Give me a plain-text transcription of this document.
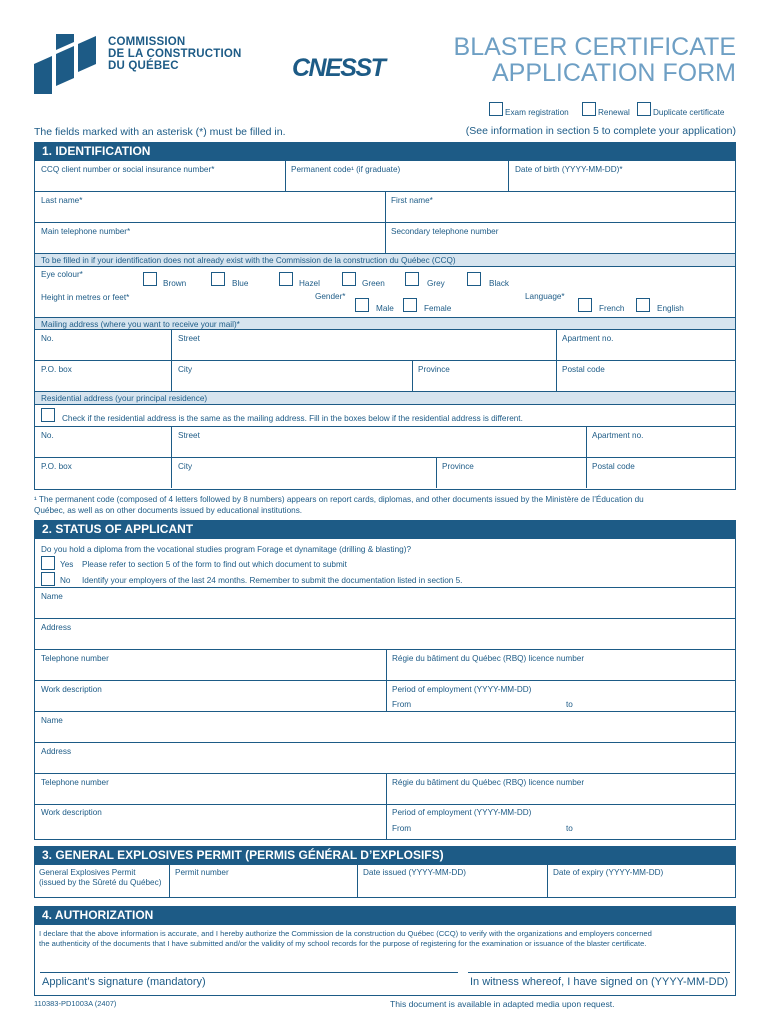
COMMISSION
DE LA CONSTRUCTION
DU QUÉBEC	CNESST
BLASTER CERTIFICATE
APPLICATION FORM
Exam registration	Renewal	Duplicate certificate
The fields marked with an asterisk (*) must be filled in.	(See information in section 5 to complete your application)
1. IDENTIFICATION
CCQ client number or social insurance number*	Permanent code¹ (if graduate)	Date of birth (YYYY-MM-DD)*
Last name*	First name*
Main telephone number*	Secondary telephone number
To be filled in if your identification does not already exist with the Commission de la construction du Québec (CCQ)
Eye colour*
Brown	Blue	Hazel	Green	Grey	Black
Height in metres or feet*	Gender*
Male	Female
Language*
French	English
Mailing address (where you want to receive your mail)*
No.	Street	Apartment no.
P.O. box	City	Province	Postal code
Residential address (your principal residence)
Check if the residential address is the same as the mailing address. Fill in the boxes below if the residential address is different.
No.	Street	Apartment no.
P.O. box	City	Province	Postal code
¹ The permanent code (composed of 4 letters followed by 8 numbers) appears on report cards, diplomas, and other documents issued by the Ministère de l’Éducation du
Québec, as well as on other documents issued by educational institutions.
2. STATUS OF APPLICANT
Do you hold a diploma from the vocational studies program Forage et dynamitage (drilling & blasting)?
Yes Please refer to section 5 of the form to find out which document to submit
No Identify your employers of the last 24 months. Remember to submit the documentation listed in section 5.
Name
Address
Telephone number	Régie du bâtiment du Québec (RBQ) licence number
Work description	Period of employment (YYYY-MM-DD)
From	to
Name
Address
Telephone number	Régie du bâtiment du Québec (RBQ) licence number
Work description	Period of employment (YYYY-MM-DD)
From	to
3. GENERAL EXPLOSIVES PERMIT (PERMIS GÉNÉRAL D’EXPLOSIFS)
General Explosives Permit
(issued by the Sûreté du Québec)
Permit number	Date issued (YYYY-MM-DD)	Date of expiry (YYYY-MM-DD)
4. AUTHORIZATION
I declare that the above information is accurate, and I hereby authorize the Commission de la construction du Québec (CCQ) to verify with the organizations and employers concerned
the authenticity of the documents that I have submitted and/or the validity of my school records for the purpose of registering for the examination or issuance of the blaster certificate.
Applicant’s signature (mandatory)	In witness whereof, I have signed on (YYYY-MM-DD)
110383-PD1003A (2407)	This document is available in adapted media upon request.
